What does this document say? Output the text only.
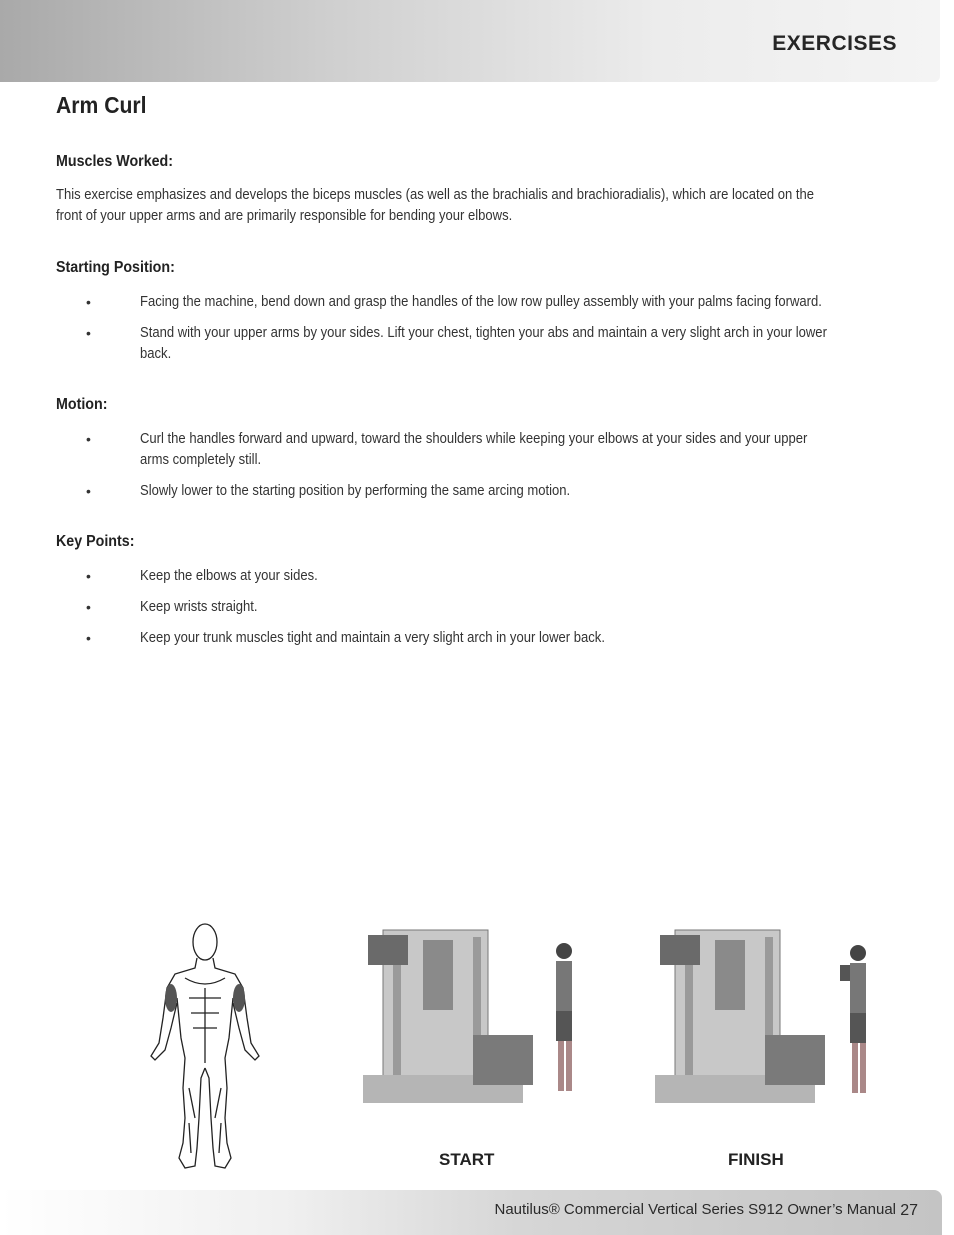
EXERCISES
Arm Curl
Muscles Worked:

This exercise emphasizes and develops the biceps muscles (as well as the brachialis and brachioradialis), which are located on the
front of your upper arms and are primarily responsible for bending your elbows.

Starting Position:
•	Facing the machine, bend down and grasp the handles of the low row pulley assembly with your palms facing forward.
•	Stand with your upper arms by your sides. Lift your chest, tighten your abs and maintain a very slight arch in your lower
back.
Motion:
•	Curl the handles forward and upward, toward the shoulders while keeping your elbows at your sides and your upper
arms completely still.
•	Slowly lower to the starting position by performing the same arcing motion.
Key Points:
•	Keep the elbows at your sides.
•	Keep wrists straight.
•	Keep your trunk muscles tight and maintain a very slight arch in your lower back.
START	FINISH
Nautilus® Commercial Vertical Series S912 Owner’s Manual 27
